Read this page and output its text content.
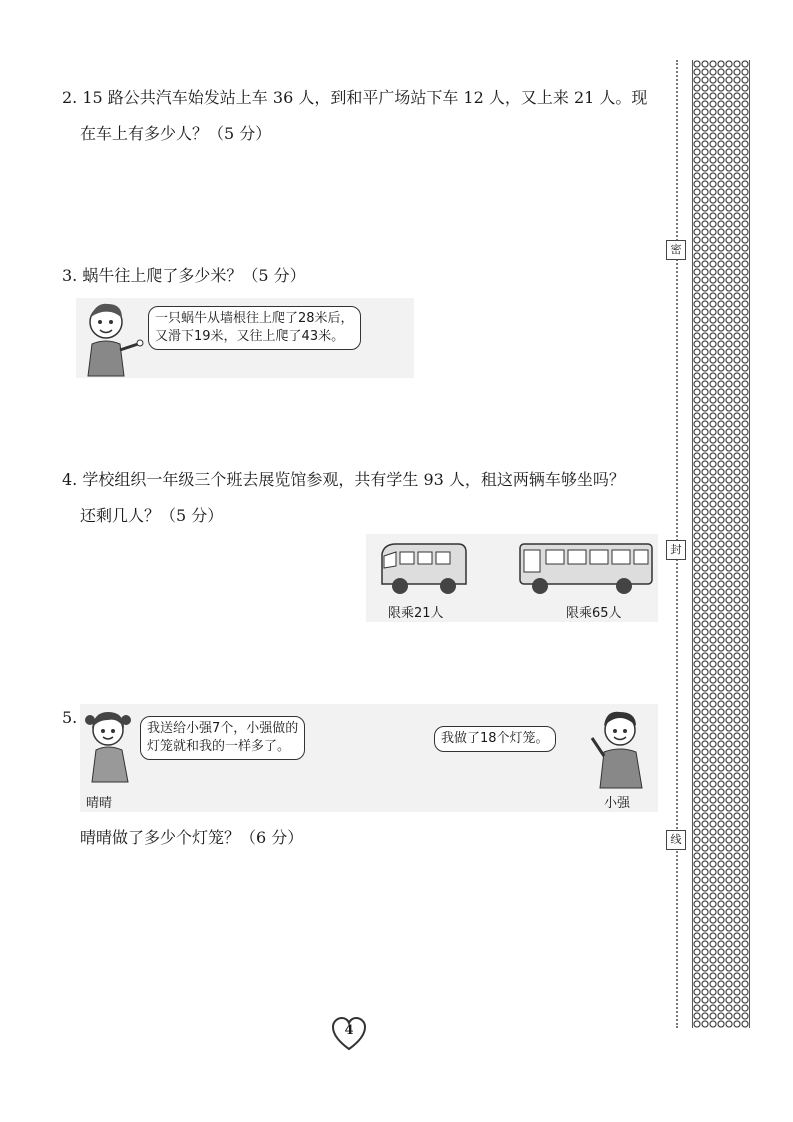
2. 15 路公共汽车始发站上车 36 人，到和平广场站下车 12 人，又上来 21 人。现
在车上有多少人？（5 分）
3. 蜗牛往上爬了多少米？（5 分）
一只蜗牛从墙根往上爬了28米后，
又滑下19米，又往上爬了43米。
4. 学校组织一年级三个班去展览馆参观，共有学生 93 人，租这两辆车够坐吗？
还剩几人？（5 分）
限乘21人	限乘65人
5.
我送给小强7个，小强做的
灯笼就和我的一样多了。
晴晴
我做了18个灯笼。
小强
晴晴做了多少个灯笼？（6 分）
密
封
线
4
